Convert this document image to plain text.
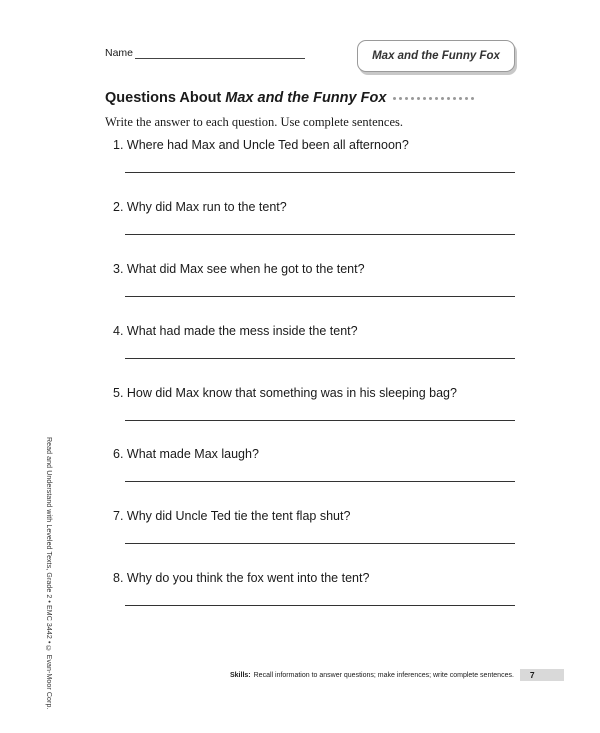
Name	Max and the Funny Fox
Questions About Max and the Funny Fox
Write the answer to each question. Use complete sentences.
1. Where had Max and Uncle Ted been all afternoon?
2. Why did Max run to the tent?
3. What did Max see when he got to the tent?
4. What had made the mess inside the tent?
5. How did Max know that something was in his sleeping bag?
6. What made Max laugh?
7. Why did Uncle Ted tie the tent flap shut?
8. Why do you think the fox went into the tent?
Read and Understand with Leveled Texts, Grade 2 • EMC 3442 • © Evan-Moor Corp.	Skills: Recall information to answer questions; make inferences; write complete sentences.	7
